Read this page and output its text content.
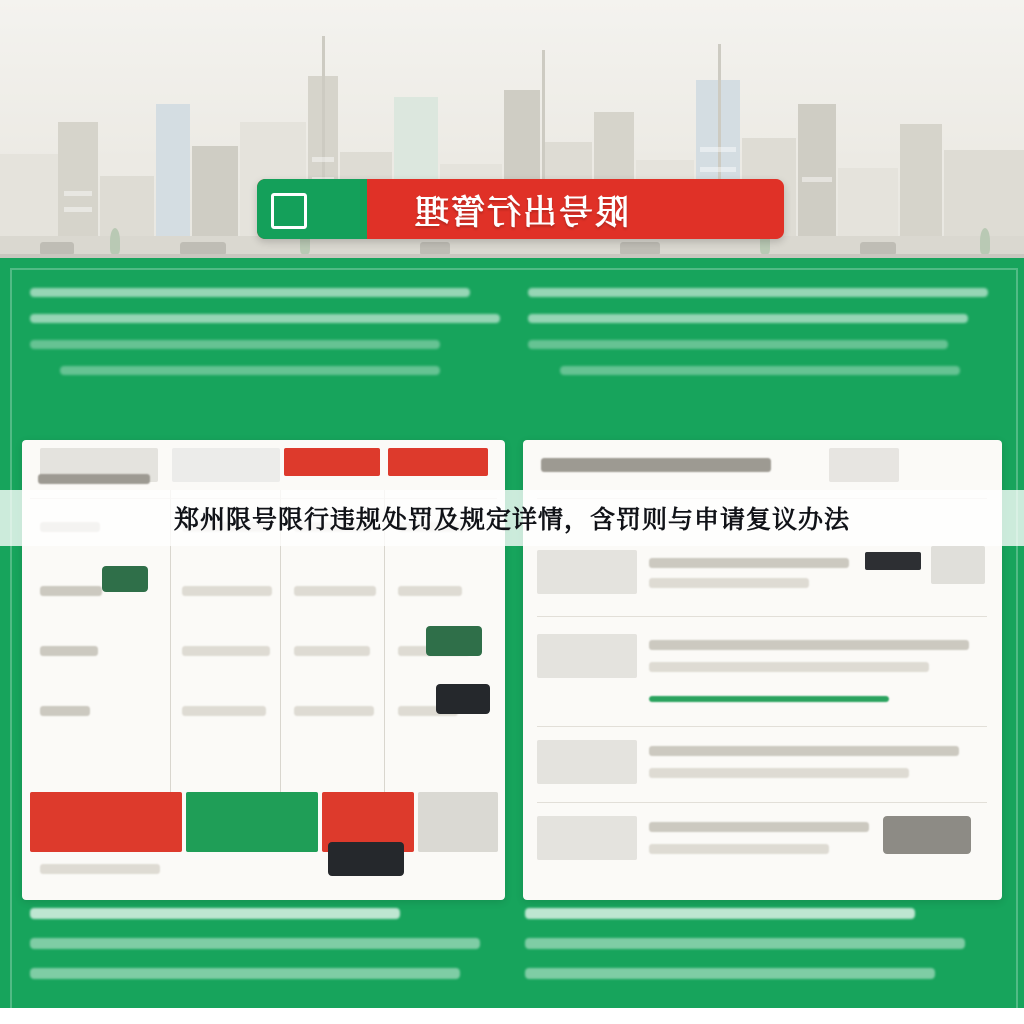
限号出行管理
郑州限号限行违规处罚及规定详情，含罚则与申请复议办法
